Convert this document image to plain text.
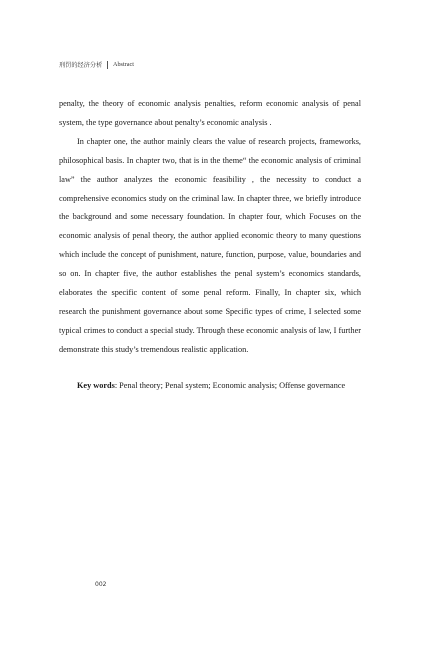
刑罚的经济分析 Abstract

penalty, the theory of economic analysis penalties, reform economic analysis of penal system, the type governance about penalty’s economic analysis .

In chapter one, the author mainly clears the value of research projects, frameworks, philosophical basis. In chapter two, that is in the theme“ the economic analysis of criminal law” the author analyzes the economic feasibility , the necessity to conduct a comprehensive economics study on the criminal law. In chapter three, we briefly introduce the background and some necessary foundation. In chapter four, which Focuses on the economic analysis of penal theory, the author applied economic theory to many questions which include the concept of punishment, nature, function, purpose, value, boundaries and so on. In chapter five, the author establishes the penal system’s economics standards, elaborates the specific content of some penal reform. Finally, In chapter six, which research the punishment governance about some Specific types of crime, I selected some typical crimes to conduct a special study. Through these economic analysis of law, I further demonstrate this study’s tremendous realistic application.

Key words: Penal theory; Penal system; Economic analysis; Offense governance

002
